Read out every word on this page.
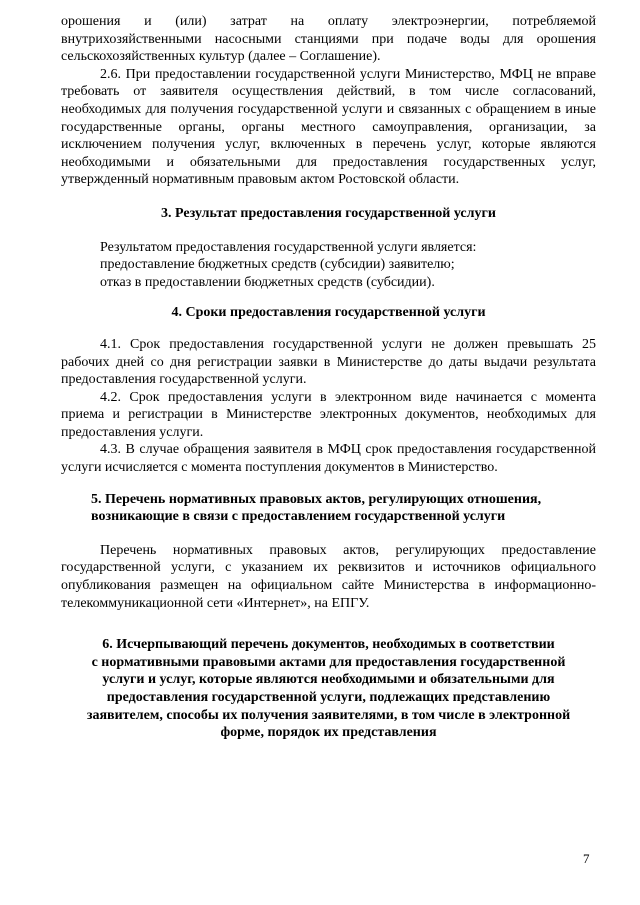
орошения и (или) затрат на оплату электроэнергии, потребляемой внутрихозяйственными насосными станциями при подаче воды для орошения сельскохозяйственных культур (далее – Соглашение).

2.6. При предоставлении государственной услуги Министерство, МФЦ не вправе требовать от заявителя осуществления действий, в том числе согласований, необходимых для получения государственной услуги и связанных с обращением в иные государственные органы, органы местного самоуправления, организации, за исключением получения услуг, включенных в перечень услуг, которые являются необходимыми и обязательными для предоставления государственных услуг, утвержденный нормативным правовым актом Ростовской области.

3. Результат предоставления государственной услуги

Результатом предоставления государственной услуги является:

предоставление бюджетных средств (субсидии) заявителю;

отказ в предоставлении бюджетных средств (субсидии).

4. Сроки предоставления государственной услуги

4.1. Срок предоставления государственной услуги не должен превышать 25 рабочих дней со дня регистрации заявки в Министерстве до даты выдачи результата предоставления государственной услуги.

4.2. Срок предоставления услуги в электронном виде начинается с момента приема и регистрации в Министерстве электронных документов, необходимых для предоставления услуги.

4.3. В случае обращения заявителя в МФЦ срок предоставления государственной услуги исчисляется с момента поступления документов в Министерство.

5. Перечень нормативных правовых актов, регулирующих отношения,
возникающие в связи с предоставлением государственной услуги

Перечень нормативных правовых актов, регулирующих предоставление государственной услуги, с указанием их реквизитов и источников официального опубликования размещен на официальном сайте Министерства в информационно-телекоммуникационной сети «Интернет», на ЕПГУ.

6. Исчерпывающий перечень документов, необходимых в соответствии
с нормативными правовыми актами для предоставления государственной
услуги и услуг, которые являются необходимыми и обязательными для
предоставления государственной услуги, подлежащих представлению
заявителем, способы их получения заявителями, в том числе в электронной
форме, порядок их представления
7
